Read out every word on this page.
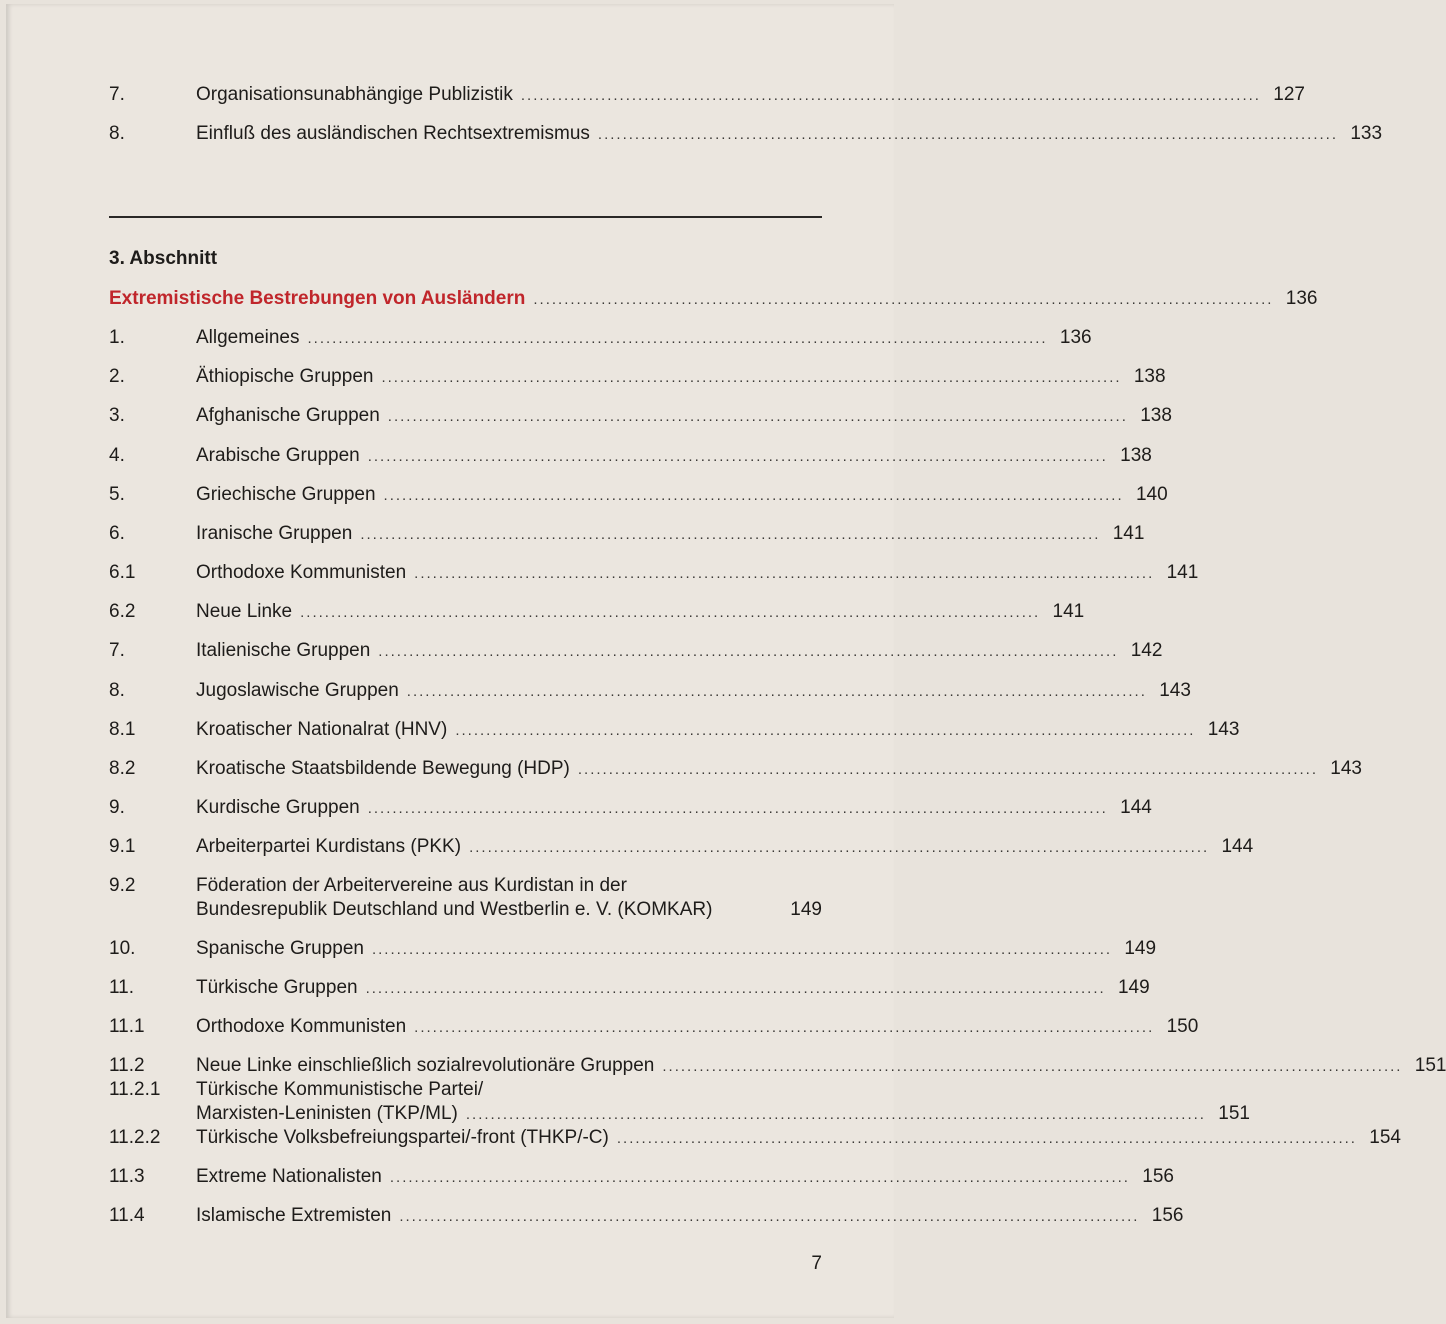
7.	Organisationsunabhängige Publizistik ........................................................................................................................ 127
8.	Einfluß des ausländischen Rechtsextremismus ........................................................................................................................ 133
3. Abschnitt
Extremistische Bestrebungen von Ausländern ........................................................................................................................ 136
1.	Allgemeines ........................................................................................................................ 136
2.	Äthiopische Gruppen ........................................................................................................................ 138
3.	Afghanische Gruppen ........................................................................................................................ 138
4.	Arabische Gruppen ........................................................................................................................ 138
5.	Griechische Gruppen ........................................................................................................................ 140
6.	Iranische Gruppen ........................................................................................................................ 141
6.1	Orthodoxe Kommunisten ........................................................................................................................ 141
6.2	Neue Linke ........................................................................................................................ 141
7.	Italienische Gruppen ........................................................................................................................ 142
8.	Jugoslawische Gruppen ........................................................................................................................ 143
8.1	Kroatischer Nationalrat (HNV) ........................................................................................................................ 143
8.2	Kroatische Staatsbildende Bewegung (HDP) ........................................................................................................................ 143
9.	Kurdische Gruppen ........................................................................................................................ 144
9.1	Arbeiterpartei Kurdistans (PKK) ........................................................................................................................ 144
9.2	Föderation der Arbeitervereine aus Kurdistan in der
Bundesrepublik Deutschland und Westberlin e. V. (KOMKAR)	149
10.	Spanische Gruppen ........................................................................................................................ 149
11.	Türkische Gruppen ........................................................................................................................ 149
11.1	Orthodoxe Kommunisten ........................................................................................................................ 150
11.2	Neue Linke einschließlich sozialrevolutionäre Gruppen ........................................................................................................................ 151
11.2.1 Türkische Kommunistische Partei/
Marxisten-Leninisten (TKP/ML) ........................................................................................................................ 151
11.2.2 Türkische Volksbefreiungspartei/-front (THKP/-C) ........................................................................................................................ 154
11.3	Extreme Nationalisten ........................................................................................................................ 156
11.4	Islamische Extremisten ........................................................................................................................ 156
7
